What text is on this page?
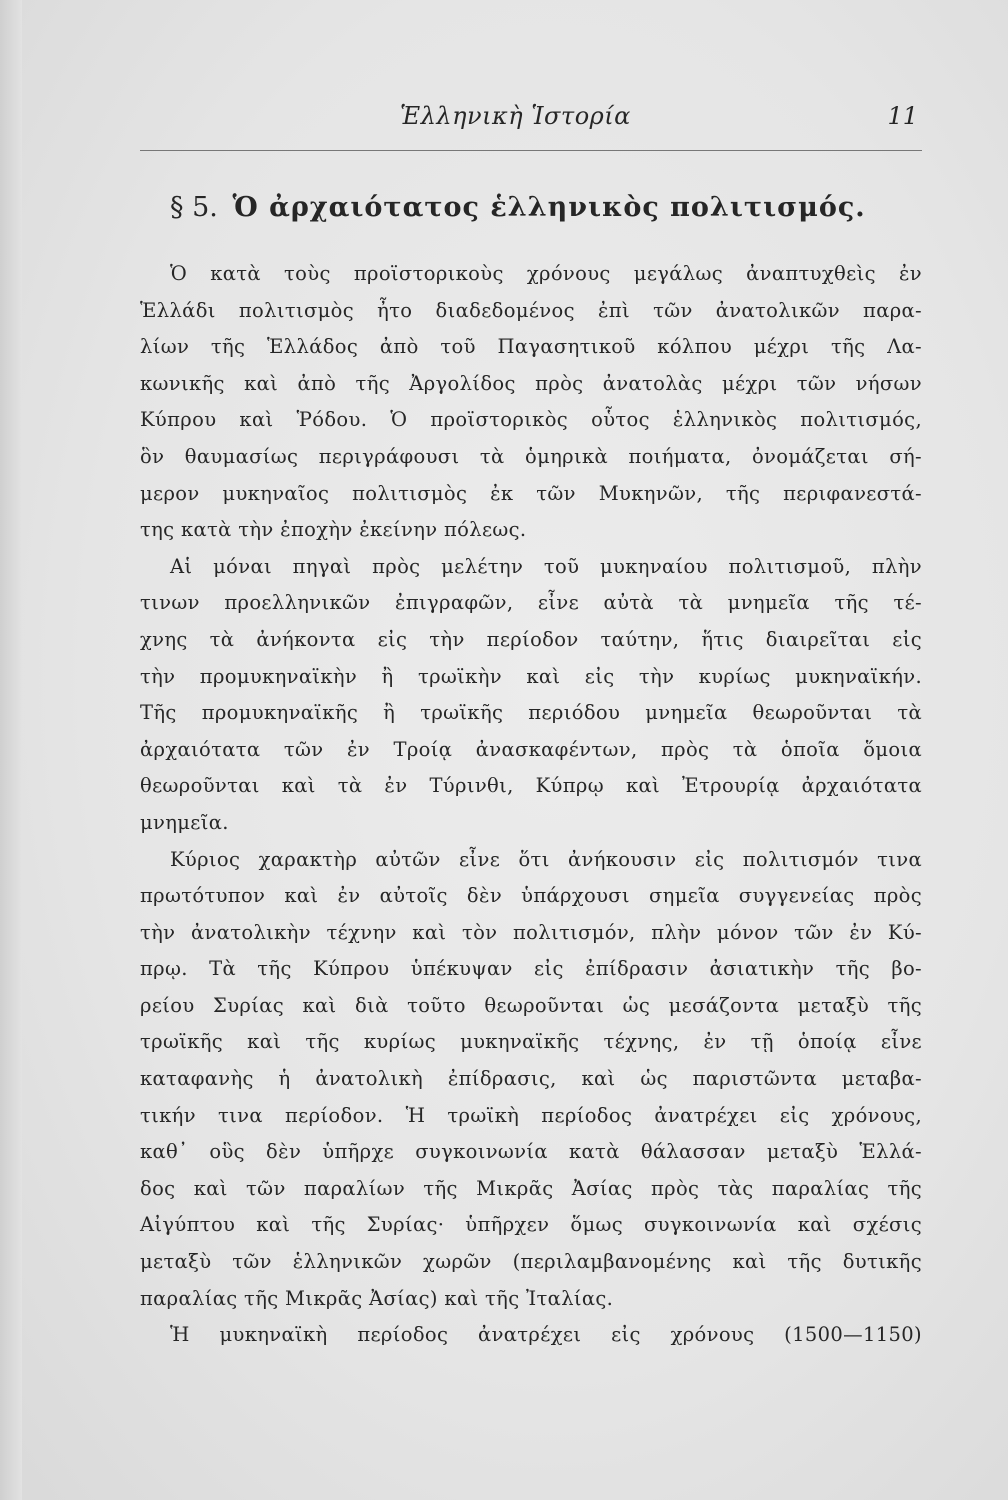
Ἑλληνικὴ Ἱστορία	11
§ 5. Ὁ ἀρχαιότατος ἑλληνικὸς πολιτισμός.
Ὁ κατὰ τοὺς προϊστορικοὺς χρόνους μεγάλως ἀναπτυχθεὶς ἐν
Ἑλλάδι πολιτισμὸς ἦτο διαδεδομένος ἐπὶ τῶν ἀνατολικῶν παρα-
λίων τῆς Ἑλλάδος ἀπὸ τοῦ Παγασητικοῦ κόλπου μέχρι τῆς Λα-
κωνικῆς καὶ ἀπὸ τῆς Ἀργολίδος πρὸς ἀνατολὰς μέχρι τῶν νήσων
Κύπρου καὶ Ῥόδου. Ὁ προϊστορικὸς οὗτος ἑλληνικὸς πολιτισμός,
ὃν θαυμασίως περιγράφουσι τὰ ὁμηρικὰ ποιήματα, ὀνομάζεται σή-
μερον μυκηναῖος πολιτισμὸς ἐκ τῶν Μυκηνῶν, τῆς περιφανεστά-
της κατὰ τὴν ἐποχὴν ἐκείνην πόλεως.
Αἱ μόναι πηγαὶ πρὸς μελέτην τοῦ μυκηναίου πολιτισμοῦ, πλὴν
τινων προελληνικῶν ἐπιγραφῶν, εἶνε αὐτὰ τὰ μνημεῖα τῆς τέ-
χνης τὰ ἀνήκοντα εἰς τὴν περίοδον ταύτην, ἥτις διαιρεῖται εἰς
τὴν προμυκηναϊκὴν ἢ τρωϊκὴν καὶ εἰς τὴν κυρίως μυκηναϊκήν.
Τῆς προμυκηναϊκῆς ἢ τρωϊκῆς περιόδου μνημεῖα θεωροῦνται τὰ
ἀρχαιότατα τῶν ἐν Τροίᾳ ἀνασκαφέντων, πρὸς τὰ ὁποῖα ὅμοια
θεωροῦνται καὶ τὰ ἐν Τύρινθι, Κύπρῳ καὶ Ἐτρουρίᾳ ἀρχαιότατα
μνημεῖα.
Κύριος χαρακτὴρ αὐτῶν εἶνε ὅτι ἀνήκουσιν εἰς πολιτισμόν τινα
πρωτότυπον καὶ ἐν αὐτοῖς δὲν ὑπάρχουσι σημεῖα συγγενείας πρὸς
τὴν ἀνατολικὴν τέχνην καὶ τὸν πολιτισμόν, πλὴν μόνον τῶν ἐν Κύ-
πρῳ. Τὰ τῆς Κύπρου ὑπέκυψαν εἰς ἐπίδρασιν ἀσιατικὴν τῆς βο-
ρείου Συρίας καὶ διὰ τοῦτο θεωροῦνται ὡς μεσάζοντα μεταξὺ τῆς
τρωϊκῆς καὶ τῆς κυρίως μυκηναϊκῆς τέχνης, ἐν τῇ ὁποίᾳ εἶνε
καταφανὴς ἡ ἀνατολικὴ ἐπίδρασις, καὶ ὡς παριστῶντα μεταβα-
τικήν τινα περίοδον. Ἡ τρωϊκὴ περίοδος ἀνατρέχει εἰς χρόνους,
καθ᾽ οὓς δὲν ὑπῆρχε συγκοινωνία κατὰ θάλασσαν μεταξὺ Ἑλλά-
δος καὶ τῶν παραλίων τῆς Μικρᾶς Ἀσίας πρὸς τὰς παραλίας τῆς
Αἰγύπτου καὶ τῆς Συρίας· ὑπῆρχεν ὅμως συγκοινωνία καὶ σχέσις
μεταξὺ τῶν ἑλληνικῶν χωρῶν (περιλαμβανομένης καὶ τῆς δυτικῆς
παραλίας τῆς Μικρᾶς Ἀσίας) καὶ τῆς Ἰταλίας.
Ἡ μυκηναϊκὴ περίοδος ἀνατρέχει εἰς χρόνους (1500—1150)
